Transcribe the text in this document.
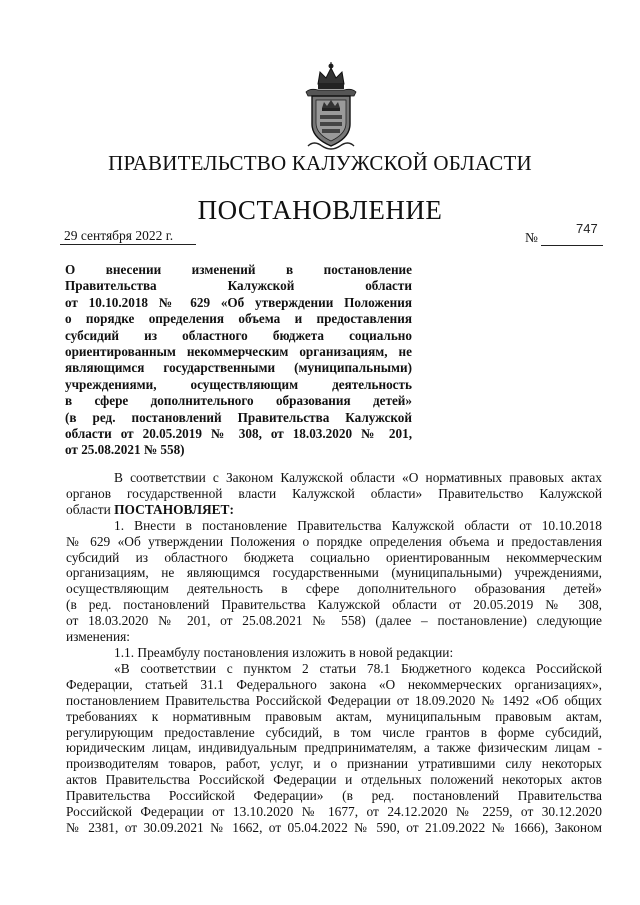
ПРАВИТЕЛЬСТВО КАЛУЖСКОЙ ОБЛАСТИ
ПОСТАНОВЛЕНИЕ
29 сентября 2022 г.	№
747
О внесении изменений в постановление
Правительства Калужской области
от 10.10.2018 № 629 «Об утверждении Положения
о порядке определения объема и предоставления
субсидий из областного бюджета социально
ориентированным некоммерческим организациям, не
являющимся государственными (муниципальными)
учреждениями, осуществляющим деятельность
в сфере дополнительного образования детей»
(в ред. постановлений Правительства Калужской
области от 20.05.2019 № 308, от 18.03.2020 № 201,
от 25.08.2021 № 558)
В соответствии с Законом Калужской области «О нормативных правовых актах
органов государственной власти Калужской области» Правительство Калужской
области ПОСТАНОВЛЯЕТ:
1. Внести в постановление Правительства Калужской области от 10.10.2018
№ 629 «Об утверждении Положения о порядке определения объема и предоставления
субсидий из областного бюджета социально ориентированным некоммерческим
организациям, не являющимся государственными (муниципальными) учреждениями,
осуществляющим деятельность в сфере дополнительного образования детей»
(в ред. постановлений Правительства Калужской области от 20.05.2019 № 308,
от 18.03.2020 № 201, от 25.08.2021 № 558) (далее – постановление) следующие
изменения:
1.1. Преамбулу постановления изложить в новой редакции:
«В соответствии с пунктом 2 статьи 78.1 Бюджетного кодекса Российской
Федерации, статьей 31.1 Федерального закона «О некоммерческих организациях»,
постановлением Правительства Российской Федерации от 18.09.2020 № 1492 «Об общих
требованиях к нормативным правовым актам, муниципальным правовым актам,
регулирующим предоставление субсидий, в том числе грантов в форме субсидий,
юридическим лицам, индивидуальным предпринимателям, а также физическим лицам -
производителям товаров, работ, услуг, и о признании утратившими силу некоторых
актов Правительства Российской Федерации и отдельных положений некоторых актов
Правительства Российской Федерации» (в ред. постановлений Правительства
Российской Федерации от 13.10.2020 № 1677, от 24.12.2020 № 2259, от 30.12.2020
№ 2381, от 30.09.2021 № 1662, от 05.04.2022 № 590, от 21.09.2022 № 1666), Законом
